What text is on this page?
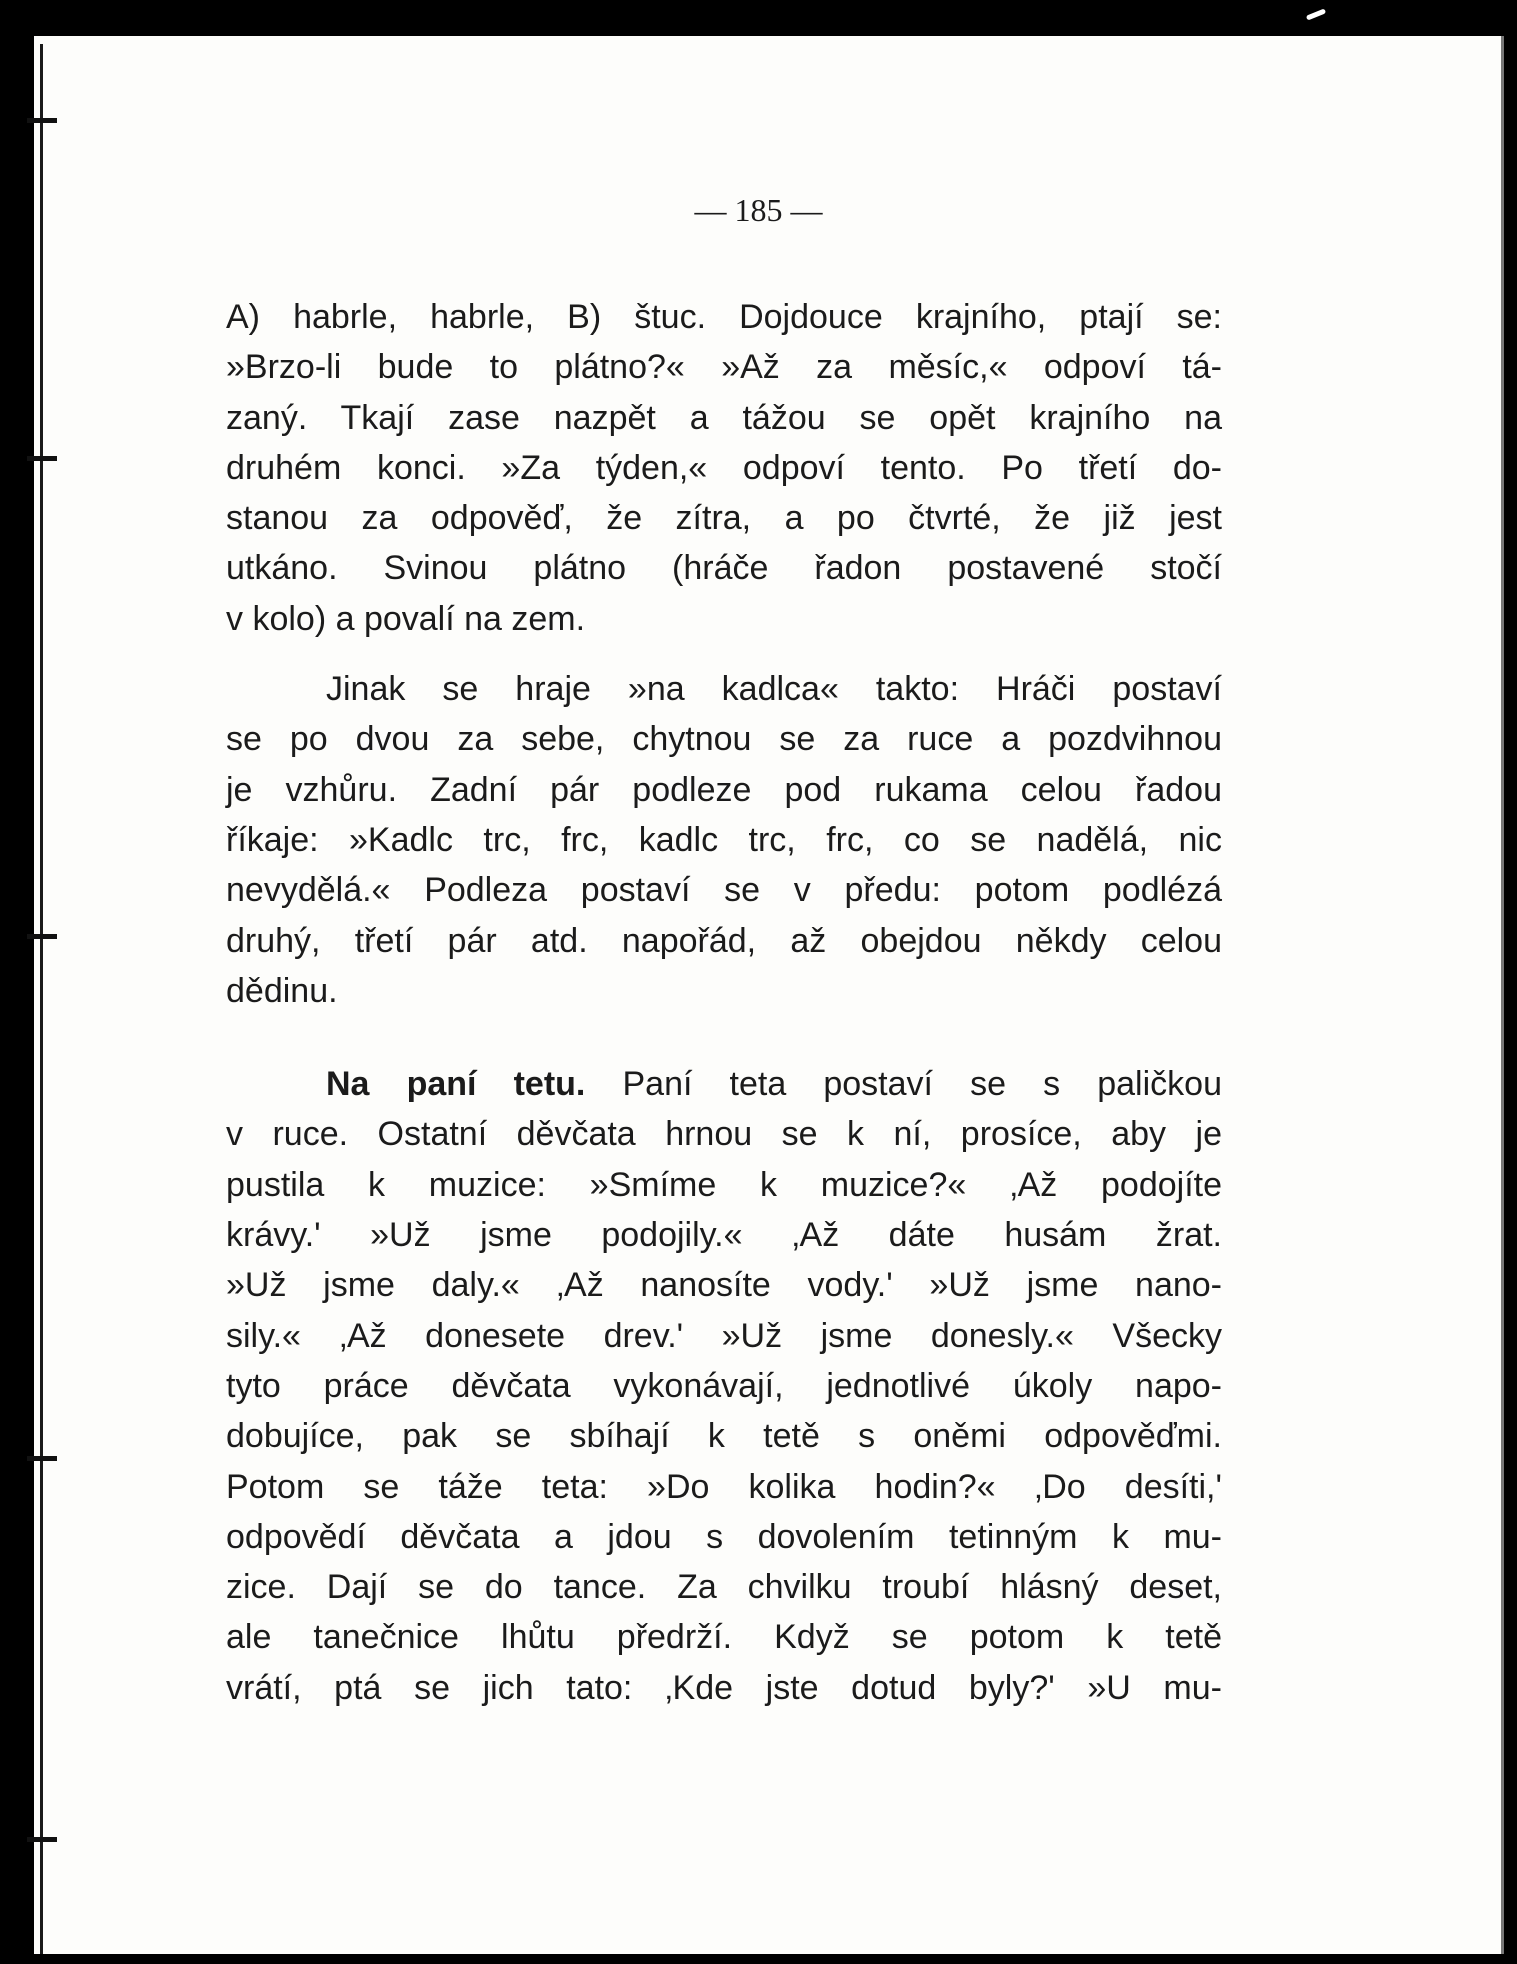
— 185 —
A) habrle, habrle, B) štuc. Dojdouce krajního, ptají se:
»Brzo-li bude to plátno?« »Až za měsíc,« odpoví tá-
zaný. Tkají zase nazpět a tážou se opět krajního na
druhém konci. »Za týden,« odpoví tento. Po třetí do-
stanou za odpověď, že zítra, a po čtvrté, že již jest
utkáno. Svinou plátno (hráče řadon postavené stočí
v kolo) a povalí na zem.
Jinak se hraje »na kadlca« takto: Hráči postaví
se po dvou za sebe, chytnou se za ruce a pozdvihnou
je vzhůru. Zadní pár podleze pod rukama celou řadou
říkaje: »Kadlc trc, frc, kadlc trc, frc, co se nadělá, nic
nevydělá.« Podleza postaví se v předu: potom podlézá
druhý, třetí pár atd. napořád, až obejdou někdy celou
dědinu.
Na paní tetu. Paní teta postaví se s paličkou
v ruce. Ostatní děvčata hrnou se k ní, prosíce, aby je
pustila k muzice: »Smíme k muzice?« ‚Až podojíte
krávy.' »Už jsme podojily.« ‚Až dáte husám žrat.
»Už jsme daly.« ‚Až nanosíte vody.' »Už jsme nano-
sily.« ‚Až donesete drev.' »Už jsme donesly.« Všecky
tyto práce děvčata vykonávají, jednotlivé úkoly napo-
dobujíce, pak se sbíhají k tetě s oněmi odpověďmi.
Potom se táže teta: »Do kolika hodin?« ‚Do desíti,'
odpovědí děvčata a jdou s dovolením tetinným k mu-
zice. Dají se do tance. Za chvilku troubí hlásný deset,
ale tanečnice lhůtu předrží. Když se potom k tetě
vrátí, ptá se jich tato: ‚Kde jste dotud byly?' »U mu-
